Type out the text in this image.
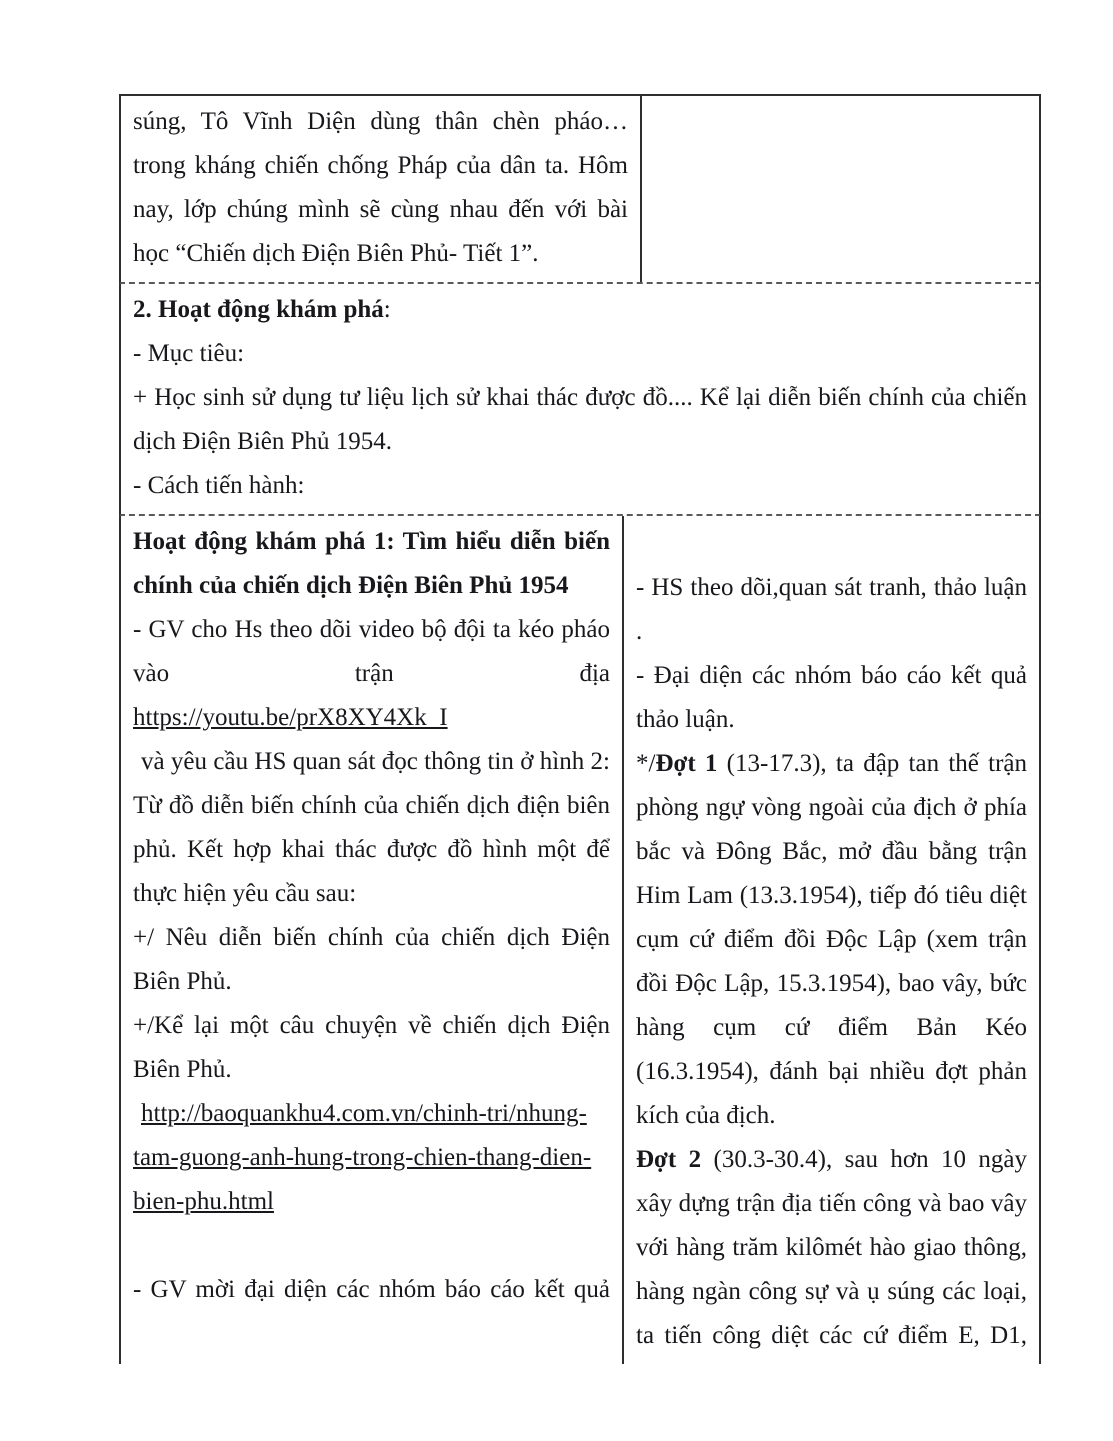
súng, Tô Vĩnh Diện dùng thân chèn pháo… trong kháng chiến chống Pháp của dân ta. Hôm nay, lớp chúng mình sẽ cùng nhau đến với bài học “Chiến dịch Điện Biên Phủ- Tiết 1”.

2. Hoạt động khám phá:

- Mục tiêu:

+ Học sinh sử dụng tư liệu lịch sử khai thác được đồ.... Kể lại diễn biến chính của chiến dịch Điện Biên Phủ 1954.

- Cách tiến hành:

Hoạt động khám phá 1: Tìm hiểu diễn biến chính của chiến dịch Điện Biên Phủ 1954

- GV cho Hs theo dõi video bộ đội ta kéo pháo vào trận địa

https://youtu.be/prX8XY4Xk_I

và yêu cầu HS quan sát đọc thông tin ở hình 2: Từ đồ diễn biến chính của chiến dịch điện biên phủ. Kết hợp khai thác được đồ hình một để thực hiện yêu cầu sau:

+/ Nêu diễn biến chính của chiến dịch Điện Biên Phủ.

+/Kể lại một câu chuyện về chiến dịch Điện Biên Phủ.

http://baoquankhu4.com.vn/chinh-tri/nhung-tam-guong-anh-hung-trong-chien-thang-dien-bien-phu.html

- GV mời đại diện các nhóm báo cáo kết quả

- HS theo dõi,quan sát tranh, thảo luận .

- Đại diện các nhóm báo cáo kết quả thảo luận.

*/Đợt 1 (13-17.3), ta đập tan thế trận phòng ngự vòng ngoài của địch ở phía bắc và Đông Bắc, mở đầu bằng trận Him Lam (13.3.1954), tiếp đó tiêu diệt cụm cứ điểm đồi Độc Lập (xem trận đồi Độc Lập, 15.3.1954), bao vây, bức hàng cụm cứ điểm Bản Kéo (16.3.1954), đánh bại nhiều đợt phản kích của địch.

Đợt 2 (30.3-30.4), sau hơn 10 ngày xây dựng trận địa tiến công và bao vây với hàng trăm kilômét hào giao thông, hàng ngàn công sự và ụ súng các loại, ta tiến công diệt các cứ điểm E, D1,
